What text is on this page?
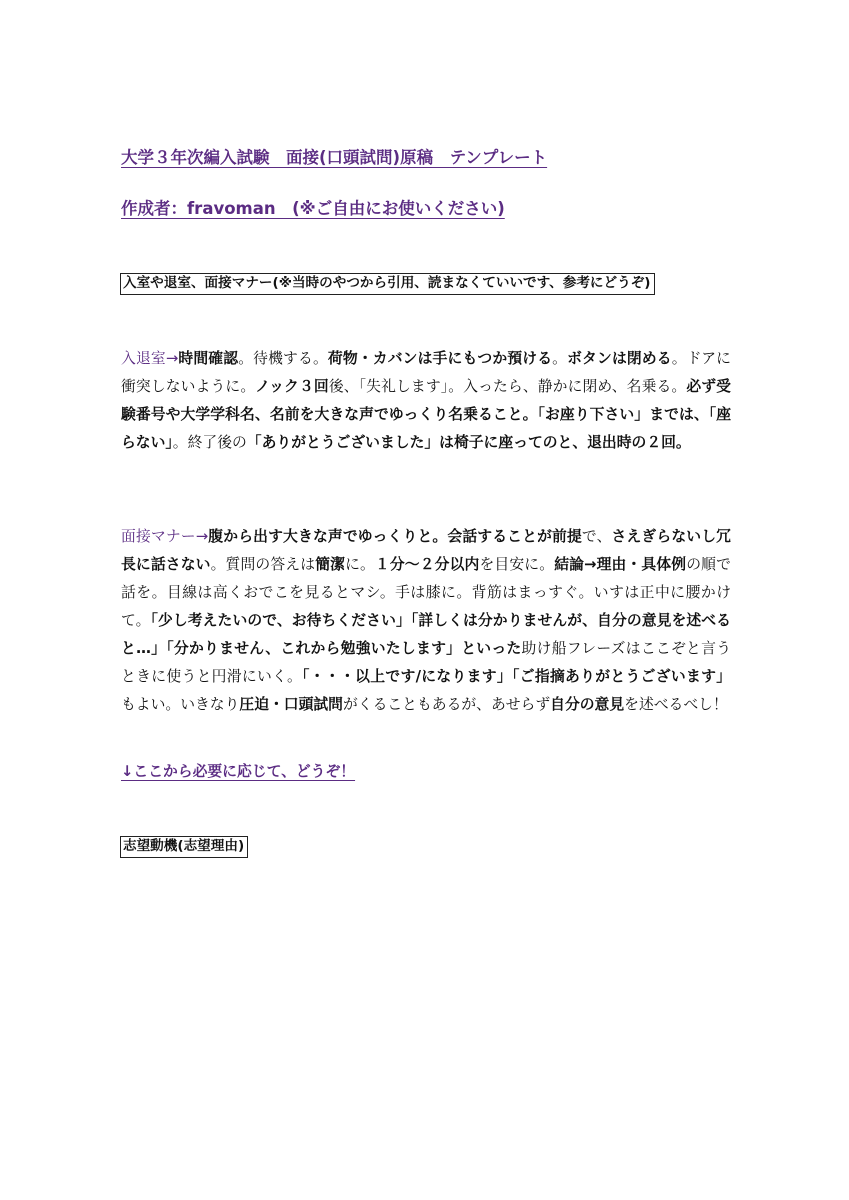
大学３年次編入試験　面接(口頭試問)原稿　テンプレート
作成者：fravoman　(※ご自由にお使いください)
入室や退室、面接マナー(※当時のやつから引用、読まなくていいです、参考にどうぞ)

入退室→時間確認。待機する。荷物・カバンは手にもつか預ける。ボタンは閉める。ドアに衝突しないように。ノック３回後、「失礼します」。入ったら、静かに閉め、名乗る。必ず受験番号や大学学科名、名前を大きな声でゆっくり名乗ること。「お座り下さい」までは、「座らない」。終了後の「ありがとうございました」は椅子に座ってのと、退出時の２回。

面接マナー→腹から出す大きな声でゆっくりと。会話することが前提で、さえぎらないし冗長に話さない。質問の答えは簡潔に。１分～２分以内を目安に。結論→理由・具体例の順で話を。目線は高くおでこを見るとマシ。手は膝に。背筋はまっすぐ。いすは正中に腰かけて。「少し考えたいので、お待ちください」「詳しくは分かりませんが、自分の意見を述べると…」「分かりません、これから勉強いたします」といった助け船フレーズはここぞと言うときに使うと円滑にいく。「・・・以上です/になります」「ご指摘ありがとうございます」もよい。いきなり圧迫・口頭試問がくることもあるが、あせらず自分の意見を述べるべし！

↓ここから必要に応じて、どうぞ！
志望動機(志望理由)
